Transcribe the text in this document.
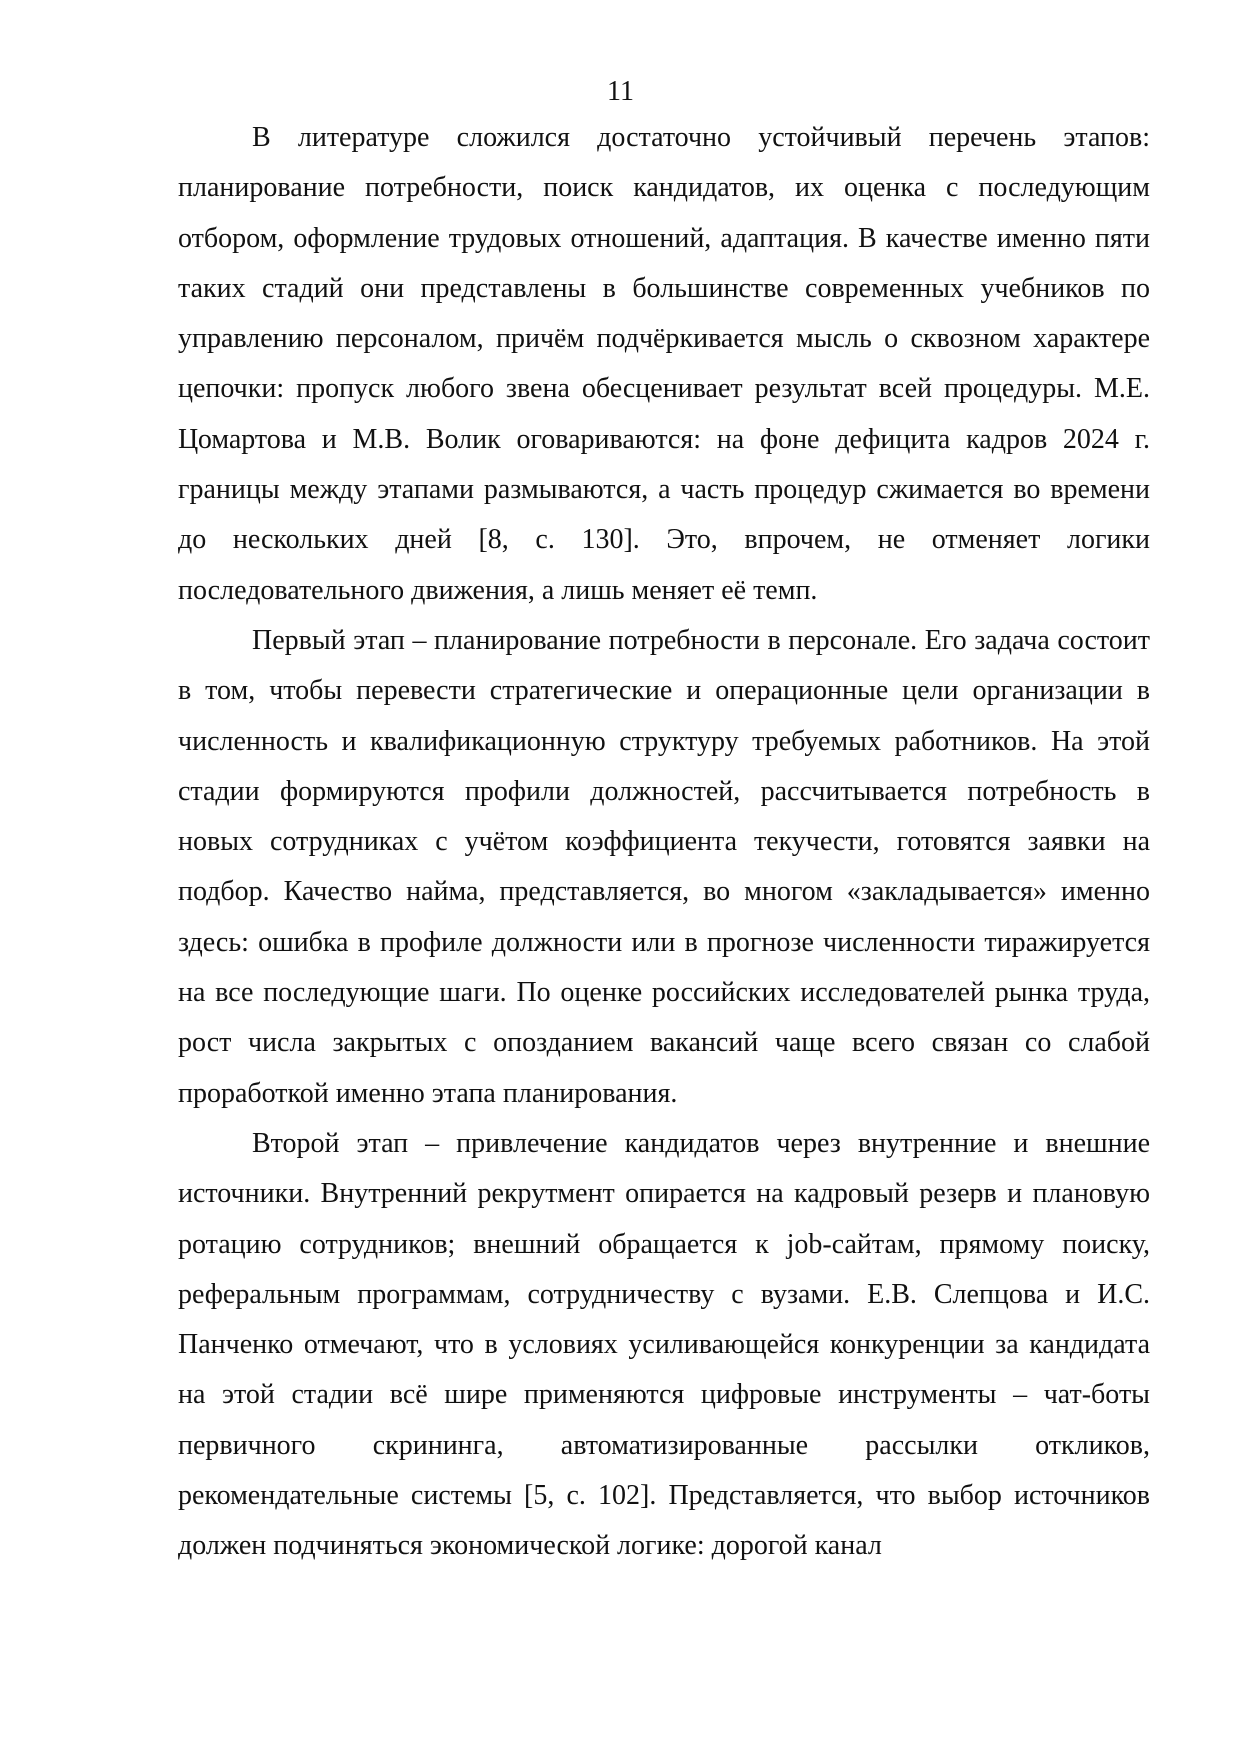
11

В литературе сложился достаточно устойчивый перечень этапов: планирование потребности, поиск кандидатов, их оценка с последующим отбором, оформление трудовых отношений, адаптация. В качестве именно пяти таких стадий они представлены в большинстве современных учебников по управлению персоналом, причём подчёркивается мысль о сквозном характере цепочки: пропуск любого звена обесценивает результат всей процедуры. М.Е. Цомартова и М.В. Волик оговариваются: на фоне дефицита кадров 2024 г. границы между этапами размываются, а часть процедур сжимается во времени до нескольких дней [8, с. 130]. Это, впрочем, не отменяет логики последовательного движения, а лишь меняет её темп.

Первый этап – планирование потребности в персонале. Его задача состоит в том, чтобы перевести стратегические и операционные цели организации в численность и квалификационную структуру требуемых работников. На этой стадии формируются профили должностей, рассчитывается потребность в новых сотрудниках с учётом коэффициента текучести, готовятся заявки на подбор. Качество найма, представляется, во многом «закладывается» именно здесь: ошибка в профиле должности или в прогнозе численности тиражируется на все последующие шаги. По оценке российских исследователей рынка труда, рост числа закрытых с опозданием вакансий чаще всего связан со слабой проработкой именно этапа планирования.

Второй этап – привлечение кандидатов через внутренние и внешние источники. Внутренний рекрутмент опирается на кадровый резерв и плановую ротацию сотрудников; внешний обращается к job-сайтам, прямому поиску, реферальным программам, сотрудничеству с вузами. Е.В. Слепцова и И.С. Панченко отмечают, что в условиях усиливающейся конкуренции за кандидата на этой стадии всё шире применяются цифровые инструменты – чат-боты первичного скрининга, автоматизированные рассылки откликов, рекомендательные системы [5, с. 102]. Представляется, что выбор источников должен подчиняться экономической логике: дорогой канал
